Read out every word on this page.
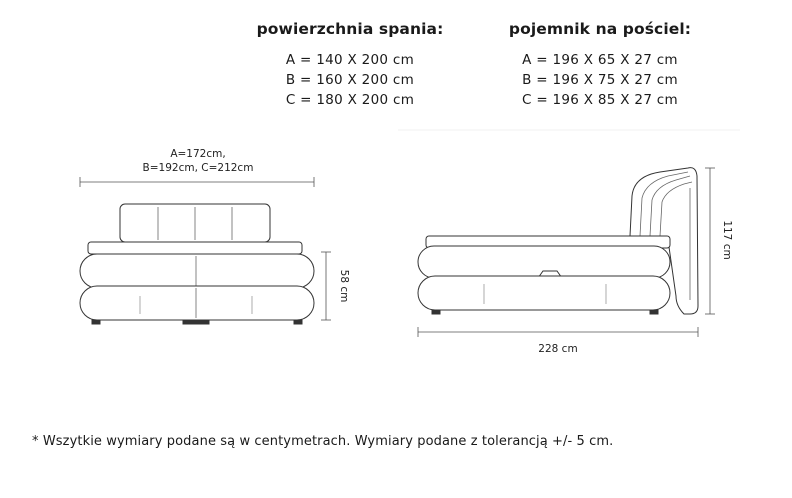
powierzchnia spania:
A = 140 X 200 cm
B = 160 X 200 cm
C = 180 X 200 cm
pojemnik na pościel:
A = 196 X 65 X 27 cm
B = 196 X 75 X 27 cm
C = 196 X 85 X 27 cm
A=172cm,
B=192cm, C=212cm
58 cm
228 cm
117 cm
* Wszytkie wymiary podane są w centymetrach. Wymiary podane z tolerancją +/- 5 cm.
